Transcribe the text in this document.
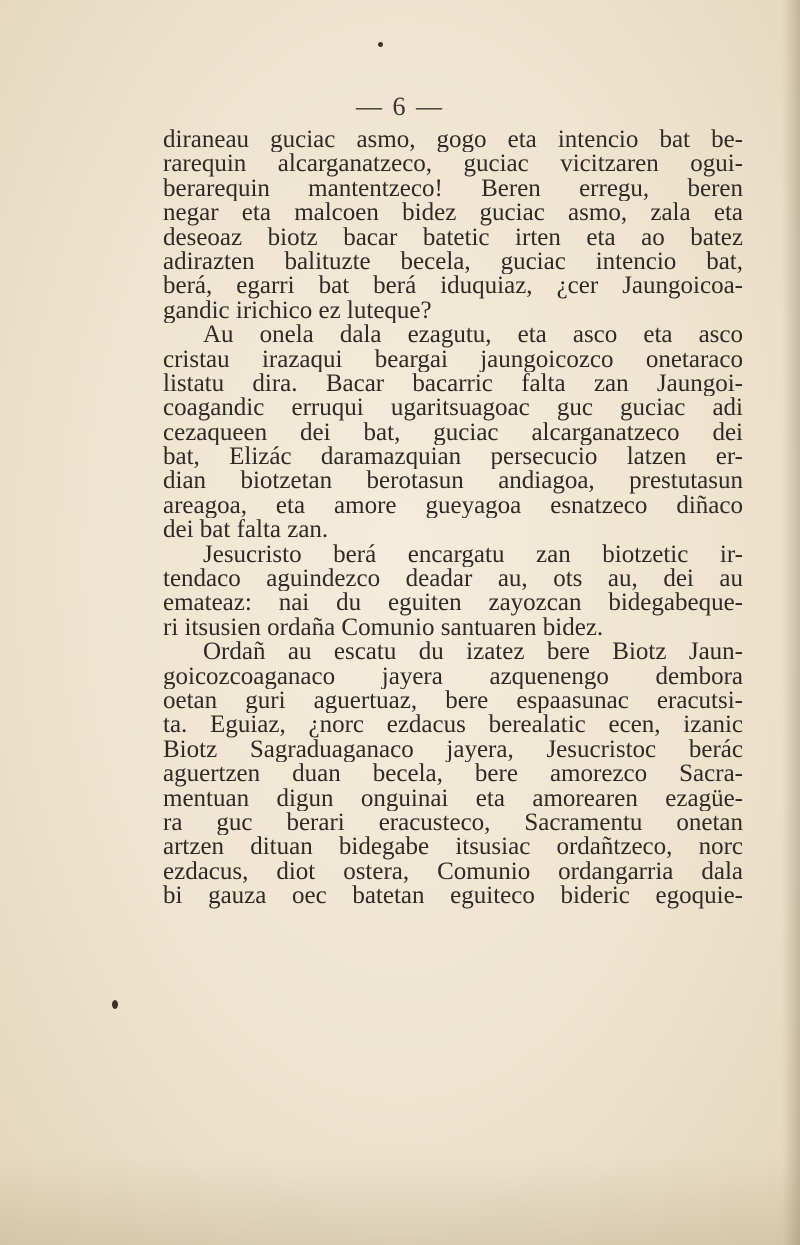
— 6 —
diraneau guciac asmo, gogo eta intencio bat be-
rarequin alcarganatzeco, guciac vicitzaren ogui-
berarequin mantentzeco! Beren erregu, beren
negar eta malcoen bidez guciac asmo, zala eta
deseoaz biotz bacar batetic irten eta ao batez
adirazten balituzte becela, guciac intencio bat,
berá, egarri bat berá iduquiaz, ¿cer Jaungoicoa-
gandic irichico ez luteque?
Au onela dala ezagutu, eta asco eta asco
cristau irazaqui beargai jaungoicozco onetaraco
listatu dira. Bacar bacarric falta zan Jaungoi-
coagandic erruqui ugaritsuagoac guc guciac adi
cezaqueen dei bat, guciac alcarganatzeco dei
bat, Elizác daramazquian persecucio latzen er-
dian biotzetan berotasun andiagoa, prestutasun
areagoa, eta amore gueyagoa esnatzeco diñaco
dei bat falta zan.
Jesucristo berá encargatu zan biotzetic ir-
tendaco aguindezco deadar au, ots au, dei au
emateaz: nai du eguiten zayozcan bidegabeque-
ri itsusien ordaña Comunio santuaren bidez.
Ordañ au escatu du izatez bere Biotz Jaun-
goicozcoaganaco jayera azquenengo dembora
oetan guri aguertuaz, bere espaasunac eracutsi-
ta. Eguiaz, ¿norc ezdacus berealatic ecen, izanic
Biotz Sagraduaganaco jayera, Jesucristoc berác
aguertzen duan becela, bere amorezco Sacra-
mentuan digun onguinai eta amorearen ezagüe-
ra guc berari eracusteco, Sacramentu onetan
artzen dituan bidegabe itsusiac ordañtzeco, norc
ezdacus, diot ostera, Comunio ordangarria dala
bi gauza oec batetan eguiteco bideric egoquie-
